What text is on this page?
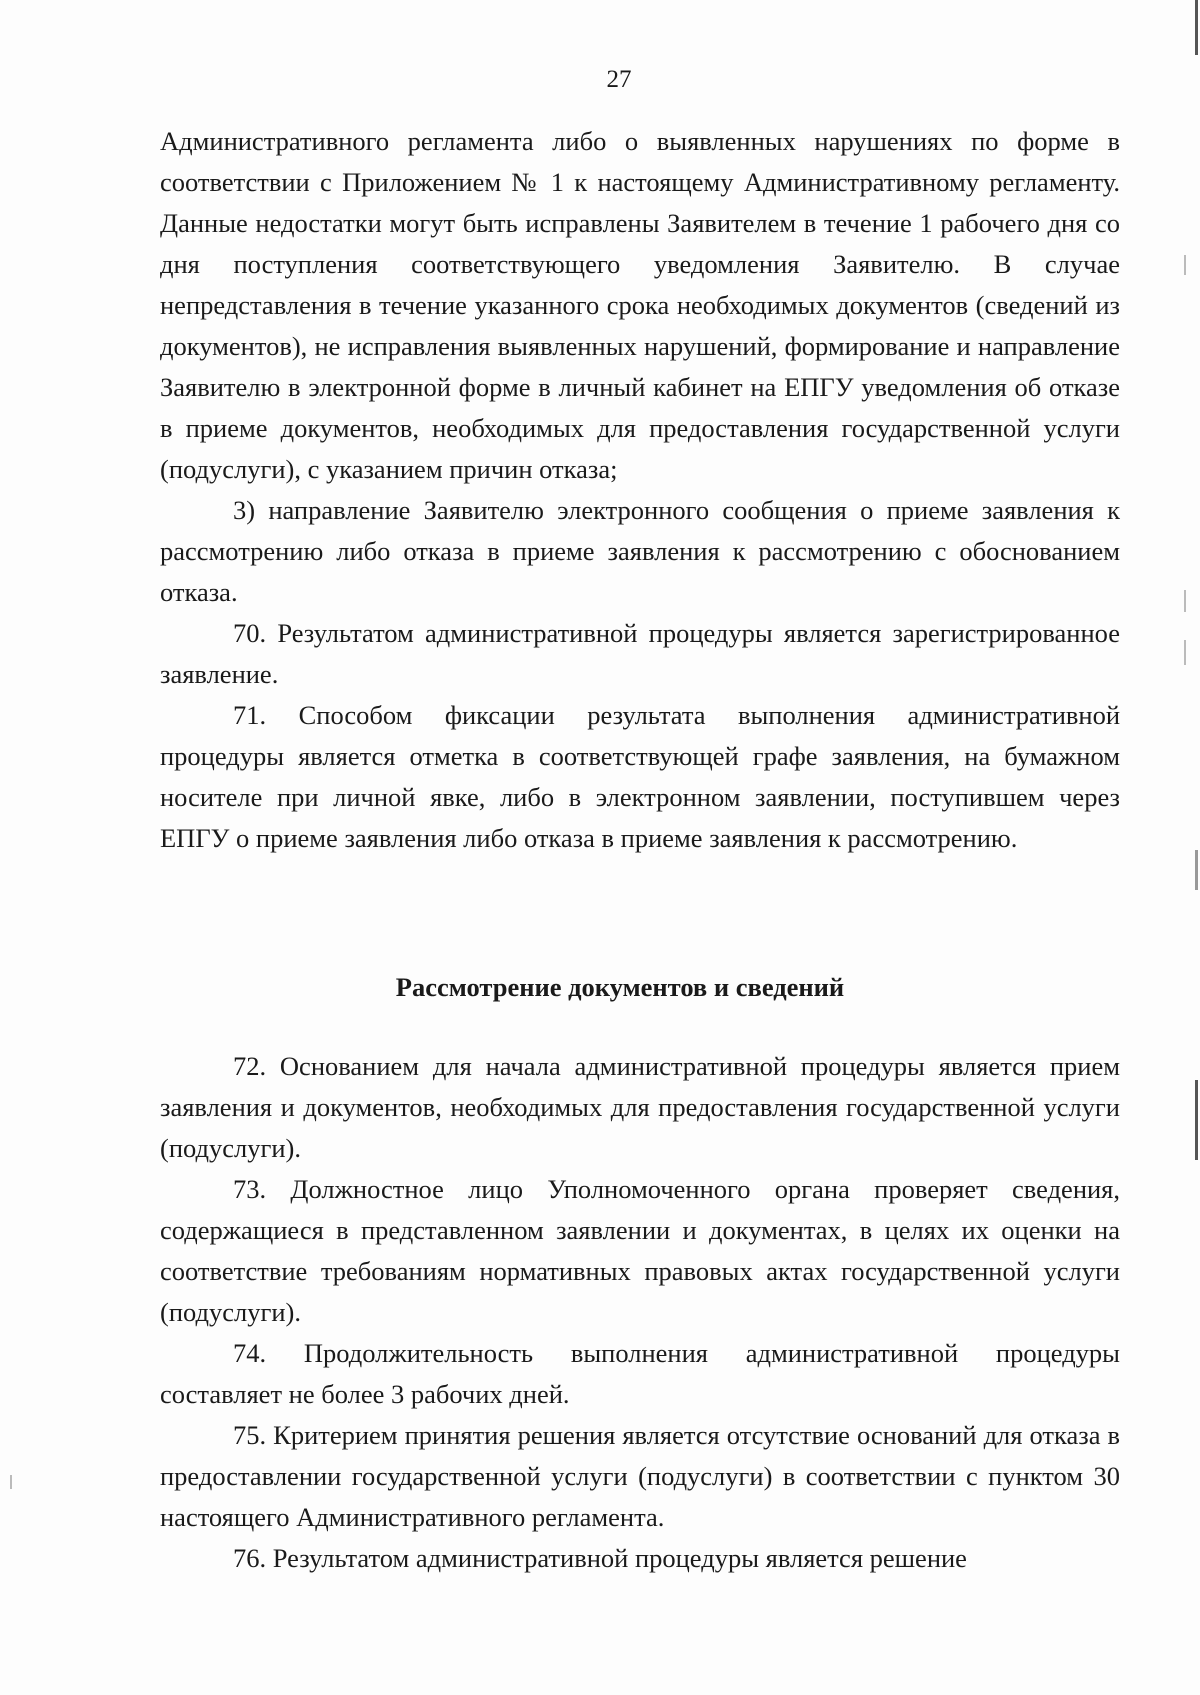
27

Административного регламента либо о выявленных нарушениях по форме в соответствии с Приложением № 1 к настоящему Административному регламенту. Данные недостатки могут быть исправлены Заявителем в течение 1 рабочего дня со дня поступления соответствующего уведомления Заявителю. В случае непредставления в течение указанного срока необходимых документов (сведений из документов), не исправления выявленных нарушений, формирование и направление Заявителю в электронной форме в личный кабинет на ЕПГУ уведомления об отказе в приеме документов, необходимых для предоставления государственной услуги (подуслуги), с указанием причин отказа;

3) направление Заявителю электронного сообщения о приеме заявления к рассмотрению либо отказа в приеме заявления к рассмотрению с обоснованием отказа.

70. Результатом административной процедуры является зарегистрированное заявление.

71. Способом фиксации результата выполнения административной процедуры является отметка в соответствующей графе заявления, на бумажном носителе при личной явке, либо в электронном заявлении, поступившем через ЕПГУ о приеме заявления либо отказа в приеме заявления к рассмотрению.

Рассмотрение документов и сведений

72. Основанием для начала административной процедуры является прием заявления и документов, необходимых для предоставления государственной услуги (подуслуги).

73. Должностное лицо Уполномоченного органа проверяет сведения, содержащиеся в представленном заявлении и документах, в целях их оценки на соответствие требованиям нормативных правовых актах государственной услуги (подуслуги).

74. Продолжительность выполнения административной процедуры составляет не более 3 рабочих дней.

75. Критерием принятия решения является отсутствие оснований для отказа в предоставлении государственной услуги (подуслуги) в соответствии с пунктом 30 настоящего Административного регламента.

76. Результатом административной процедуры является решение
